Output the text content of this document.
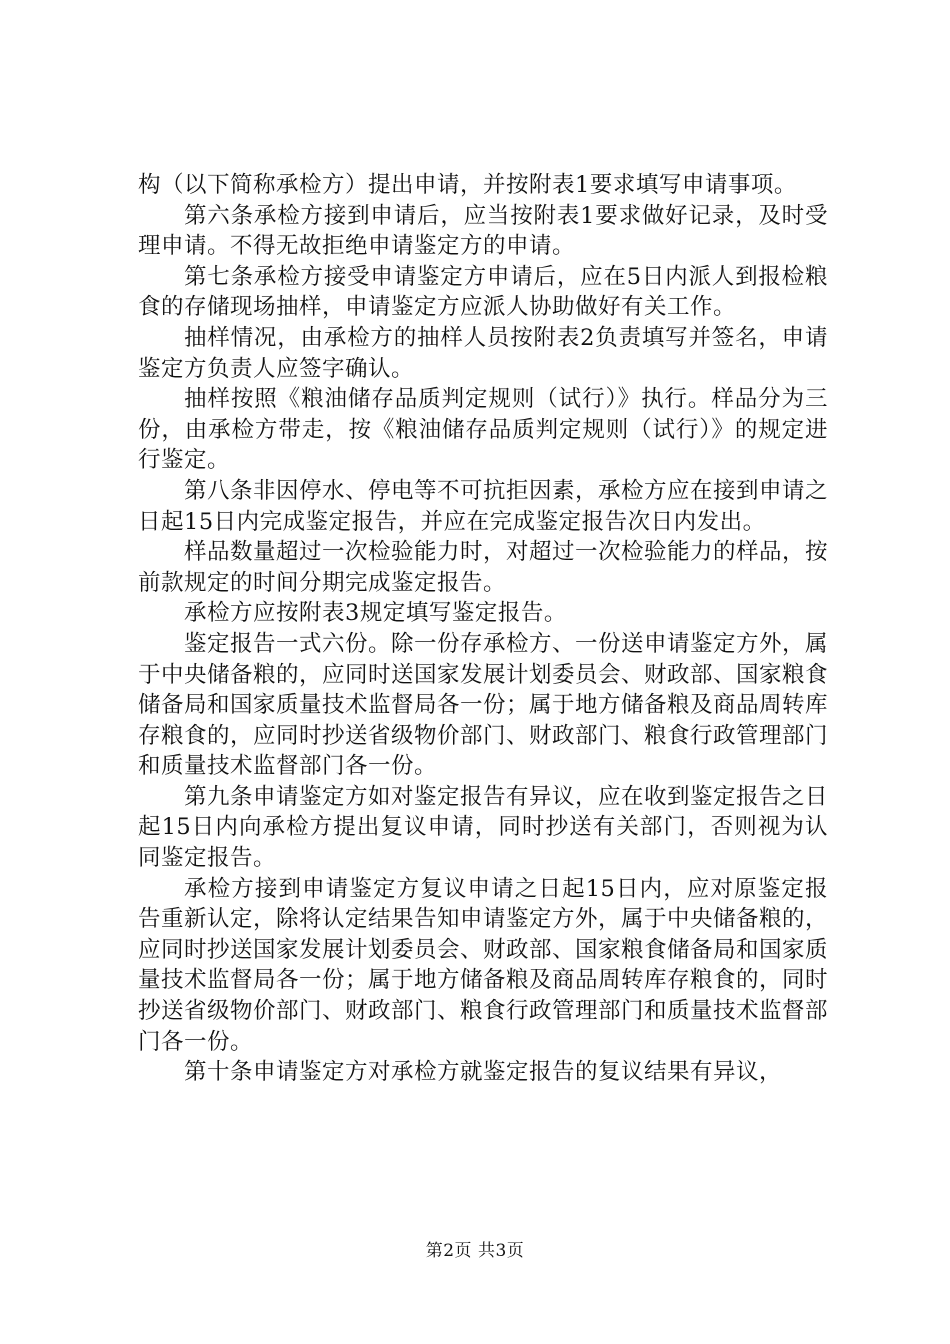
构（以下简称承检方）提出申请，并按附表1要求填写申请事项。

第六条承检方接到申请后，应当按附表1要求做好记录，及时受理申请。不得无故拒绝申请鉴定方的申请。

第七条承检方接受申请鉴定方申请后，应在5日内派人到报检粮食的存储现场抽样，申请鉴定方应派人协助做好有关工作。

抽样情况，由承检方的抽样人员按附表2负责填写并签名，申请鉴定方负责人应签字确认。

抽样按照《粮油储存品质判定规则（试行）》执行。样品分为三份，由承检方带走，按《粮油储存品质判定规则（试行）》的规定进行鉴定。

第八条非因停水、停电等不可抗拒因素，承检方应在接到申请之日起15日内完成鉴定报告，并应在完成鉴定报告次日内发出。

样品数量超过一次检验能力时，对超过一次检验能力的样品，按前款规定的时间分期完成鉴定报告。

承检方应按附表3规定填写鉴定报告。

鉴定报告一式六份。除一份存承检方、一份送申请鉴定方外，属于中央储备粮的，应同时送国家发展计划委员会、财政部、国家粮食储备局和国家质量技术监督局各一份；属于地方储备粮及商品周转库存粮食的，应同时抄送省级物价部门、财政部门、粮食行政管理部门和质量技术监督部门各一份。

第九条申请鉴定方如对鉴定报告有异议，应在收到鉴定报告之日起15日内向承检方提出复议申请，同时抄送有关部门，否则视为认同鉴定报告。

承检方接到申请鉴定方复议申请之日起15日内，应对原鉴定报告重新认定，除将认定结果告知申请鉴定方外，属于中央储备粮的，应同时抄送国家发展计划委员会、财政部、国家粮食储备局和国家质量技术监督局各一份；属于地方储备粮及商品周转库存粮食的，同时抄送省级物价部门、财政部门、粮食行政管理部门和质量技术监督部门各一份。

第十条申请鉴定方对承检方就鉴定报告的复议结果有异议，

第2页 共3页
